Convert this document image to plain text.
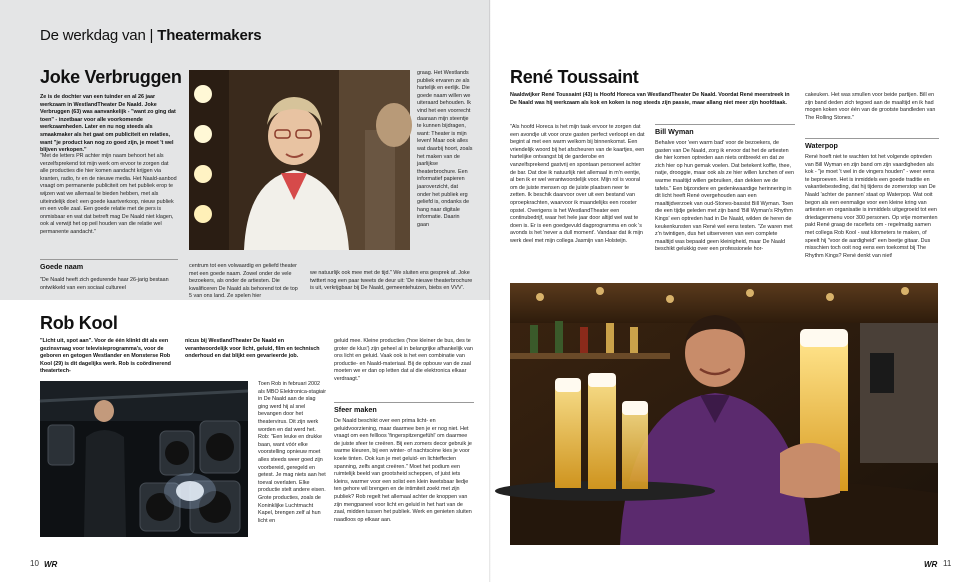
De werkdag van | Theatermakers
Joke Verbruggen
Ze is de dochter van een tuinder en al 26 jaar werkzaam in WestlandTheater De Naald. Joke Verbruggen (63) was aanvankelijk - "want zo ging dat toen" - inzetbaar voor alle voorkomende werkzaamheden. Later en nu nog steeds als smaakmaker als het gaat om publiciteit en relaties, want "je product kan nog zo goed zijn, je moet 't wel blijven verkopen."
"Met de letters PR achter mijn naam behoort het als verzelfsprekend tot mijn werk om ervoor te zorgen dat alle producties die hier komen aandacht krijgen via kranten, radio, tv en de nieuwe media. Het Naald-aanbod vraagt om permanente publiciteit om het publiek erop te wijzen wat we allemaal te bieden hebben, met als uiteindelijk doel: een goede kaartverkoop, nieuw publiek en een volle zaal. Een goede relatie met de pers is onmisbaar en wat dat betreft mag De Naald niet klagen, ook al verwijt het op peil houden van die relatie wel permanente aandacht."
Goede naam
"De Naald heeft zich gedurende haar 26-jarig bestaan ontwikkeld van een sociaal cultureel
graag. Het Westlands publiek ervaren ze als hartelijk en eerlijk. Die goede naam willen we uiteraard behouden. Ik vind het een voorrecht daaraan mijn steentje te kunnen bijdragen, want: Theater is mijn leven! Maar ook alles wat daarbij hoort, zoals het maken van de jaarlijkse theaterbrochure. Een informatief papieren jaaroverzicht, dat onder het publiek erg geliefd is, ondanks de hang naar digitale informatie. Daarin gaan
centrum tot een volwaardig en geliefd theater met een goede naam. Zowel onder de vele bezoekers, als onder de artiesten. Die kwalificeren De Naald als behorend tot de top 5 van ons land. Ze spelen hier
we natuurlijk ook mee met de tijd." We sluiten ens gesprek af. Joke twittert nog een paar tweets de deur uit: 'De nieuwe theaterbrochure is uit, verkrijgbaar bij De Naald, gemeentehuizen, biebs en VVV'.
Rob Kool
"Licht uit, spot aan". Voor de één klinkt dit als een gezinsvraag voor televisieprogramma's, voor de geboren en getogen Westlander en Monsterse Rob Kool (29) is dit dagelijks werk. Rob is coördinerend theatertech-
nicus bij WestlandTheater De Naald en verantwoordelijk voor licht, geluid, film en technisch onderhoud en dat blijkt een gevarieerde job.
Toen Rob in februari 2002 als MBO Elektronica-stagiair in De Naald aan de slag ging werd hij al snel bevangen door het theatervirus. Dit zijn werk worden en dat werd het. Rob: "Een leuke en drukke baan, want vóór elke voorstelling opnieuw moet alles steeds weer goed zijn voorbereid, geregeld en getest. Je mag niets aan het toeval overlaten. Elke productie stelt andere eisen. Grote producties, zoals de Koninklijke Luchtmacht Kapel, brengen zelf al hun licht en
geluid mee. Kleine producties ('hoe kleiner de bus, des te groter de klus') zijn geheel al in belangrijke afhankelijk van ons licht en geluid. Vaak ook is het een combinatie van productie- en Naald-materiaal. Bij de opbouw van de zaal moeten we er dan op letten dat al die elektronica elkaar verdraagt."
Sfeer maken
De Naald beschikt over een prima licht- en geluidvoorziening, maar daarmee ben je er nog niet. Het vraagt om een fellloos 'fingerspitzengefühl' om daarmee de juiste sfeer te creëren. Bij een zomers decor gebruik je warme kleuren, bij een winter- of nachtscène kies je voor koele tinten. Ook kun je met geluid- en lichteffecten spanning, zelfs angst creëren." Moet het podium een ruimtelijk beeld van grootsheid scheppen, of juist iets kleins, warmer voor een solist een klein kwetsbaar liedje ten gehore wil brengen en de intimiteit zoekt met zijn publiek? Rob regelt het allemaal achter de knoppen van zijn mengpaneel voor licht en geluid in het hart van de zaal, midden tussen het publiek. Werk en genieten sluiten naadloos op elkaar aan.
10 WR
René Toussaint
Naaldwijker René Toussaint (43) is Hoofd Horeca van WestlandTheater De Naald. Voordat René meerstreek in De Naald was hij werkzaam als kok en koken is nog steeds zijn passie, maar allang niet meer zijn hoofdtaak.
"Als hoofd Horeca is het mijn taak ervoor te zorgen dat een avondje uit voor onze gasten perfect verloopt en dat begint al met een warm welkom bij binnenkomst. Een vriendelijk woord bij het afscheuren van de kaartjes, een hartelijke ontvangst bij de garderobe en vanzelfsprekend gastvrij en spontaan personeel achter de bar. Dat doe ik natuurlijk niet allemaal in m'n eentje, al ben ik er wel verantwoordelijk voor. Mijn rol is vooral om de juiste mensen op de juiste plaatsen neer te zetten. Ik beschik daarvoor over uit een bestand van oproepkrachten, waarvoor ik maandelijks een rooster opstel. Overigens is het WestlandTheater een continubedrijf, waar het hele jaar door altijd wel wat te doen is. Er is een goedgevuld dagprogramma en ook 's avonds is het 'never a dull moment'. Vandaar dat ik mijn werk deel met mijn collega Jasmijn van Holsteijn.
Bill Wyman
Behalve voor 'een warm bad' voor de bezoekers, de gasten van De Naald, zorg ik ervoor dat het de artiesten die hier komen optreden aan niets ontbreekt en dat ze zich hier op hun gemak voelen. Dat betekent koffie, thee, natje, drooggie, maar ook als ze hier willen lunchen of een warme maaltijd willen gebruiken, dan dekken we de tafels." Een bijzondere en gedenkwaardige herinnering in dit licht heeft René overgehouden aan een maaltijdverzoek van oud-Stones-bassist Bill Wyman. Toen die een tijdje geleden met zijn band 'Bill Wyman's Rhythm Kings' een optreden had in De Naald, wilden de heren de keukenkunsten van René wel eens testen. "Ze waren met z'n twintigen, dus het uitserveren van een complete maaltijd was bepaald geen kleinigheid, maar De Naald beschikt gelukkig over een professionele hor-
cakeuken. Het was smullen voor beide partijen. Bill en zijn band deden zich tegoed aan de maaltijd en ik had mogen koken voor één van de grootste bandleden van The Rolling Stones."
Waterpop
René hoeft niet te wachten tot het volgende optreden van Bill Wyman en zijn band om zijn vaardigheden als kok - "je moet 't wel in de vingers houden" - weer eens te beproeven. Het is inmiddels een goede traditie en vakantiebesteding, dat hij tijdens de zomerstop van De Naald 'achter de pannen' staat op Waterpop. Wat ooit begon als een eenmalige voor een kleine kring van artiesten en organisatie is inmiddels uitgegroeid tot een driedagenmenu voor 300 personen. Op vrije momenten pakt René graag de racefiets om - regelmatig samen met collega Rob Kool - wat kilometers te maken, of speelt hij "voor de aardigheid" een beetje gitaar. Dus misschien toch ooit nog eens een toekomst bij The Rhythm Kings? René denkt van niet!
WR 11
